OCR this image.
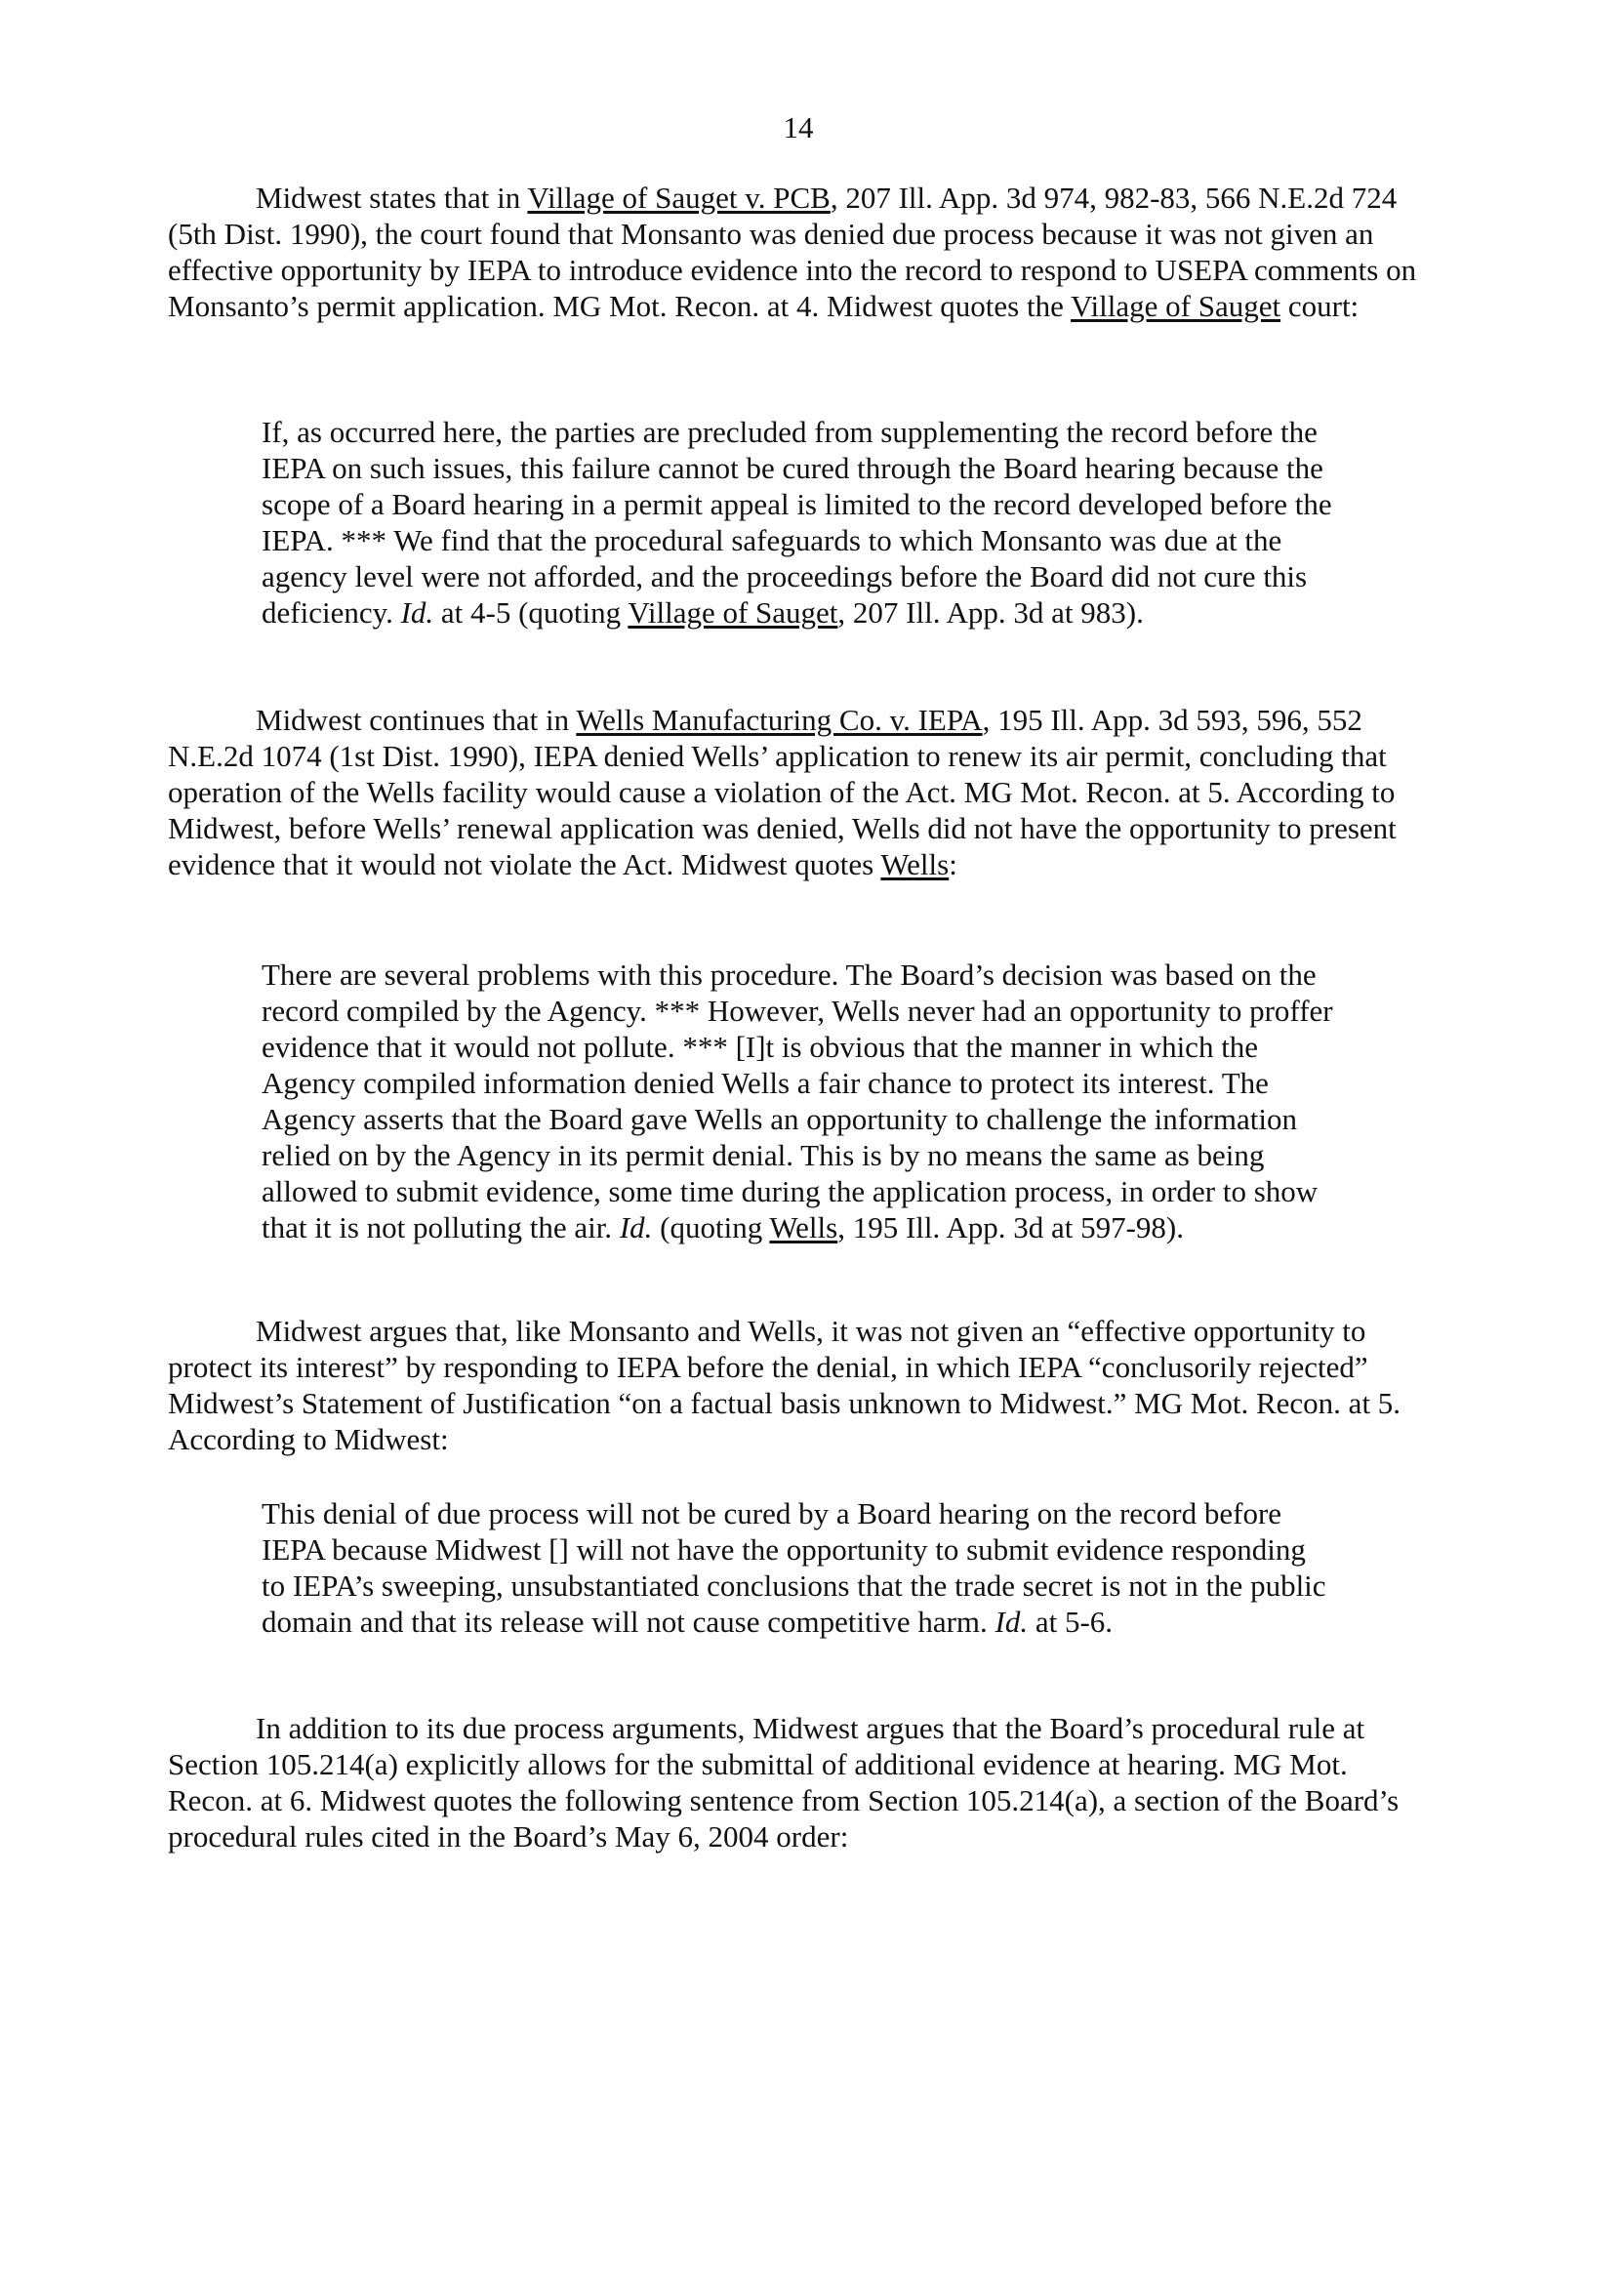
14

Midwest states that in Village of Sauget v. PCB, 207 Ill. App. 3d 974, 982-83, 566 N.E.2d 724 (5th Dist. 1990), the court found that Monsanto was denied due process because it was not given an effective opportunity by IEPA to introduce evidence into the record to respond to USEPA comments on Monsanto’s permit application. MG Mot. Recon. at 4. Midwest quotes the Village of Sauget court:

If, as occurred here, the parties are precluded from supplementing the record before the IEPA on such issues, this failure cannot be cured through the Board hearing because the scope of a Board hearing in a permit appeal is limited to the record developed before the IEPA. *** We find that the procedural safeguards to which Monsanto was due at the agency level were not afforded, and the proceedings before the Board did not cure this deficiency. Id. at 4-5 (quoting Village of Sauget, 207 Ill. App. 3d at 983).

Midwest continues that in Wells Manufacturing Co. v. IEPA, 195 Ill. App. 3d 593, 596, 552 N.E.2d 1074 (1st Dist. 1990), IEPA denied Wells’ application to renew its air permit, concluding that operation of the Wells facility would cause a violation of the Act. MG Mot. Recon. at 5. According to Midwest, before Wells’ renewal application was denied, Wells did not have the opportunity to present evidence that it would not violate the Act. Midwest quotes Wells:

There are several problems with this procedure. The Board’s decision was based on the record compiled by the Agency. *** However, Wells never had an opportunity to proffer evidence that it would not pollute. *** [I]t is obvious that the manner in which the Agency compiled information denied Wells a fair chance to protect its interest. The Agency asserts that the Board gave Wells an opportunity to challenge the information relied on by the Agency in its permit denial. This is by no means the same as being allowed to submit evidence, some time during the application process, in order to show that it is not polluting the air. Id. (quoting Wells, 195 Ill. App. 3d at 597-98).

Midwest argues that, like Monsanto and Wells, it was not given an “effective opportunity to protect its interest” by responding to IEPA before the denial, in which IEPA “conclusorily rejected” Midwest’s Statement of Justification “on a factual basis unknown to Midwest.” MG Mot. Recon. at 5. According to Midwest:

This denial of due process will not be cured by a Board hearing on the record before IEPA because Midwest [] will not have the opportunity to submit evidence responding to IEPA’s sweeping, unsubstantiated conclusions that the trade secret is not in the public domain and that its release will not cause competitive harm. Id. at 5-6.

In addition to its due process arguments, Midwest argues that the Board’s procedural rule at Section 105.214(a) explicitly allows for the submittal of additional evidence at hearing. MG Mot. Recon. at 6. Midwest quotes the following sentence from Section 105.214(a), a section of the Board’s procedural rules cited in the Board’s May 6, 2004 order:
